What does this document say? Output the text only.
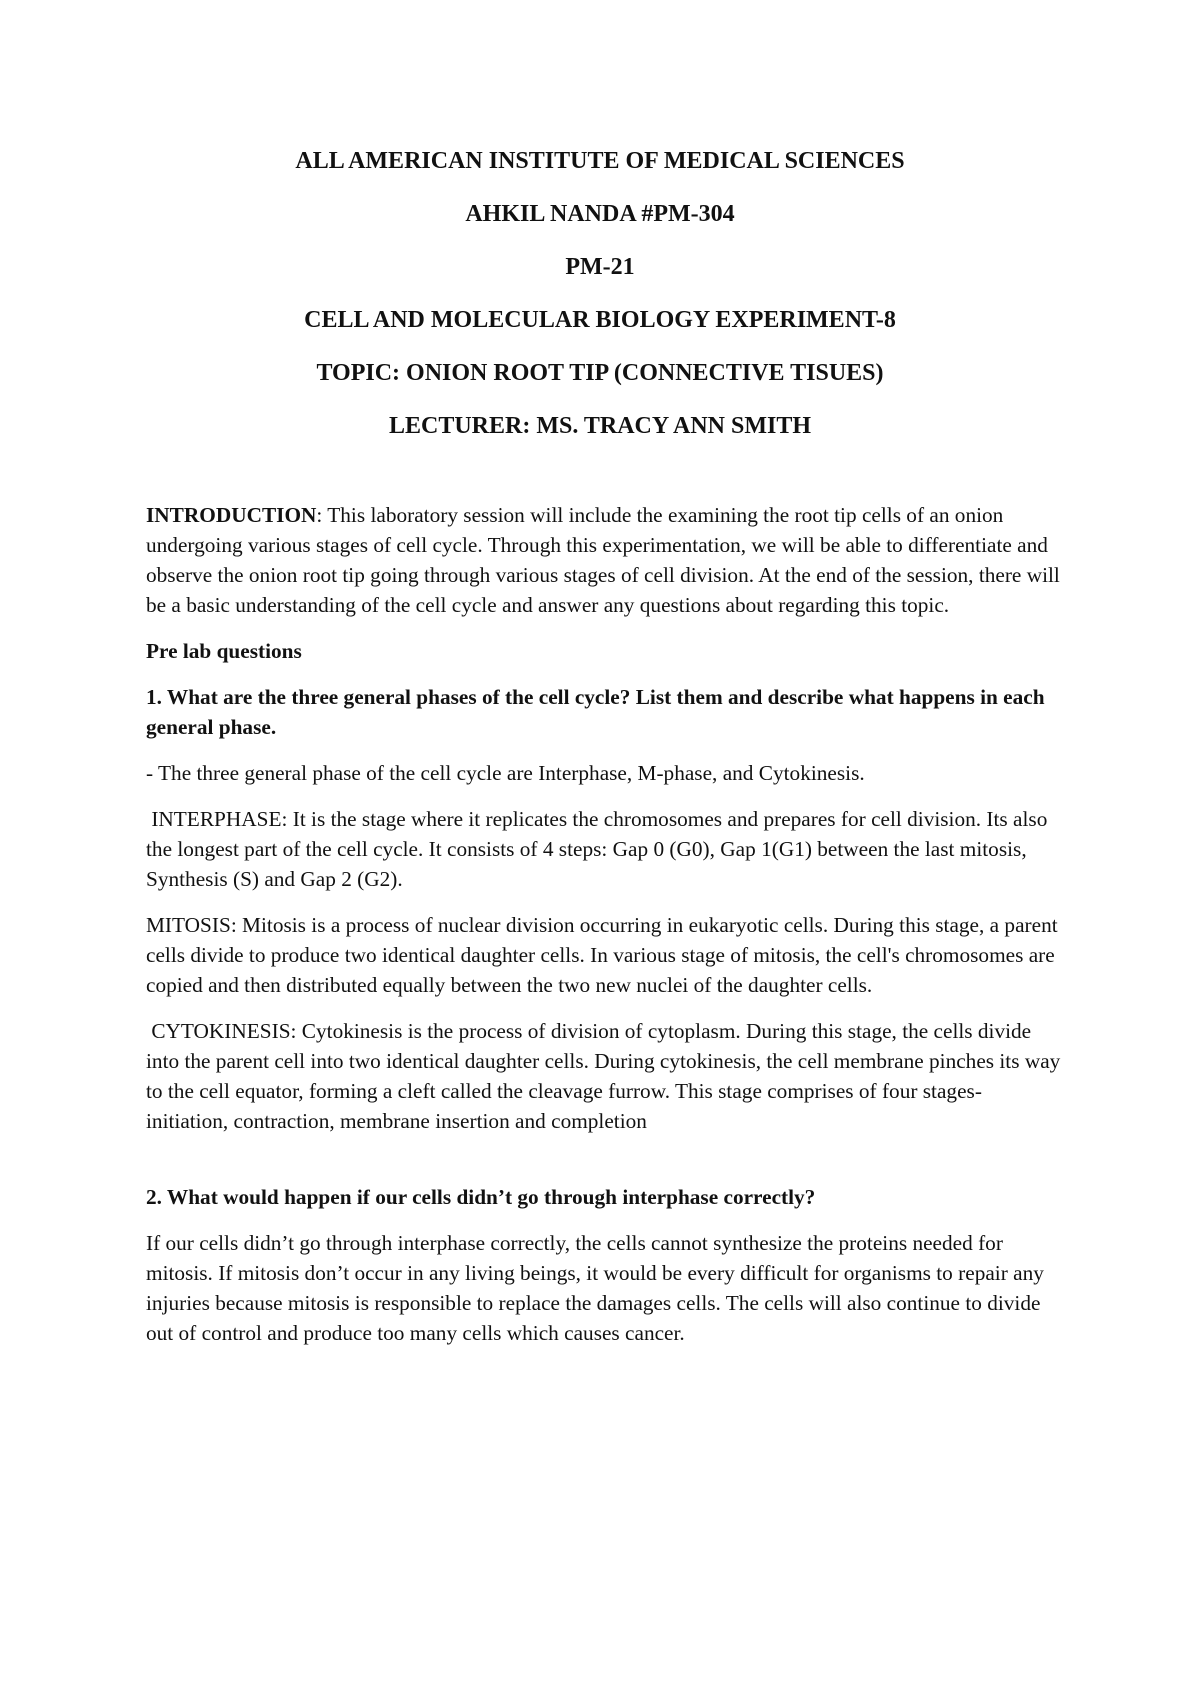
ALL AMERICAN INSTITUTE OF MEDICAL SCIENCES
AHKIL NANDA #PM-304
PM-21
CELL AND MOLECULAR BIOLOGY EXPERIMENT-8
TOPIC: ONION ROOT TIP (CONNECTIVE TISUES)
LECTURER: MS. TRACY ANN SMITH

INTRODUCTION: This laboratory session will include the examining the root tip cells of an onion undergoing various stages of cell cycle. Through this experimentation, we will be able to differentiate and observe the onion root tip going through various stages of cell division. At the end of the session, there will be a basic understanding of the cell cycle and answer any questions about regarding this topic.

Pre lab questions

1. What are the three general phases of the cell cycle? List them and describe what happens in each general phase.

- The three general phase of the cell cycle are Interphase, M-phase, and Cytokinesis.

INTERPHASE: It is the stage where it replicates the chromosomes and prepares for cell division. Its also the longest part of the cell cycle. It consists of 4 steps: Gap 0 (G0), Gap 1(G1) between the last mitosis, Synthesis (S) and Gap 2 (G2).

MITOSIS: Mitosis is a process of nuclear division occurring in eukaryotic cells. During this stage, a parent cells divide to produce two identical daughter cells. In various stage of mitosis, the cell's chromosomes are copied and then distributed equally between the two new nuclei of the daughter cells.

CYTOKINESIS: Cytokinesis is the process of division of cytoplasm. During this stage, the cells divide into the parent cell into two identical daughter cells. During cytokinesis, the cell membrane pinches its way to the cell equator, forming a cleft called the cleavage furrow. This stage comprises of four stages- initiation, contraction, membrane insertion and completion

2. What would happen if our cells didn’t go through interphase correctly?

If our cells didn’t go through interphase correctly, the cells cannot synthesize the proteins needed for mitosis. If mitosis don’t occur in any living beings, it would be every difficult for organisms to repair any injuries because mitosis is responsible to replace the damages cells. The cells will also continue to divide out of control and produce too many cells which causes cancer.
